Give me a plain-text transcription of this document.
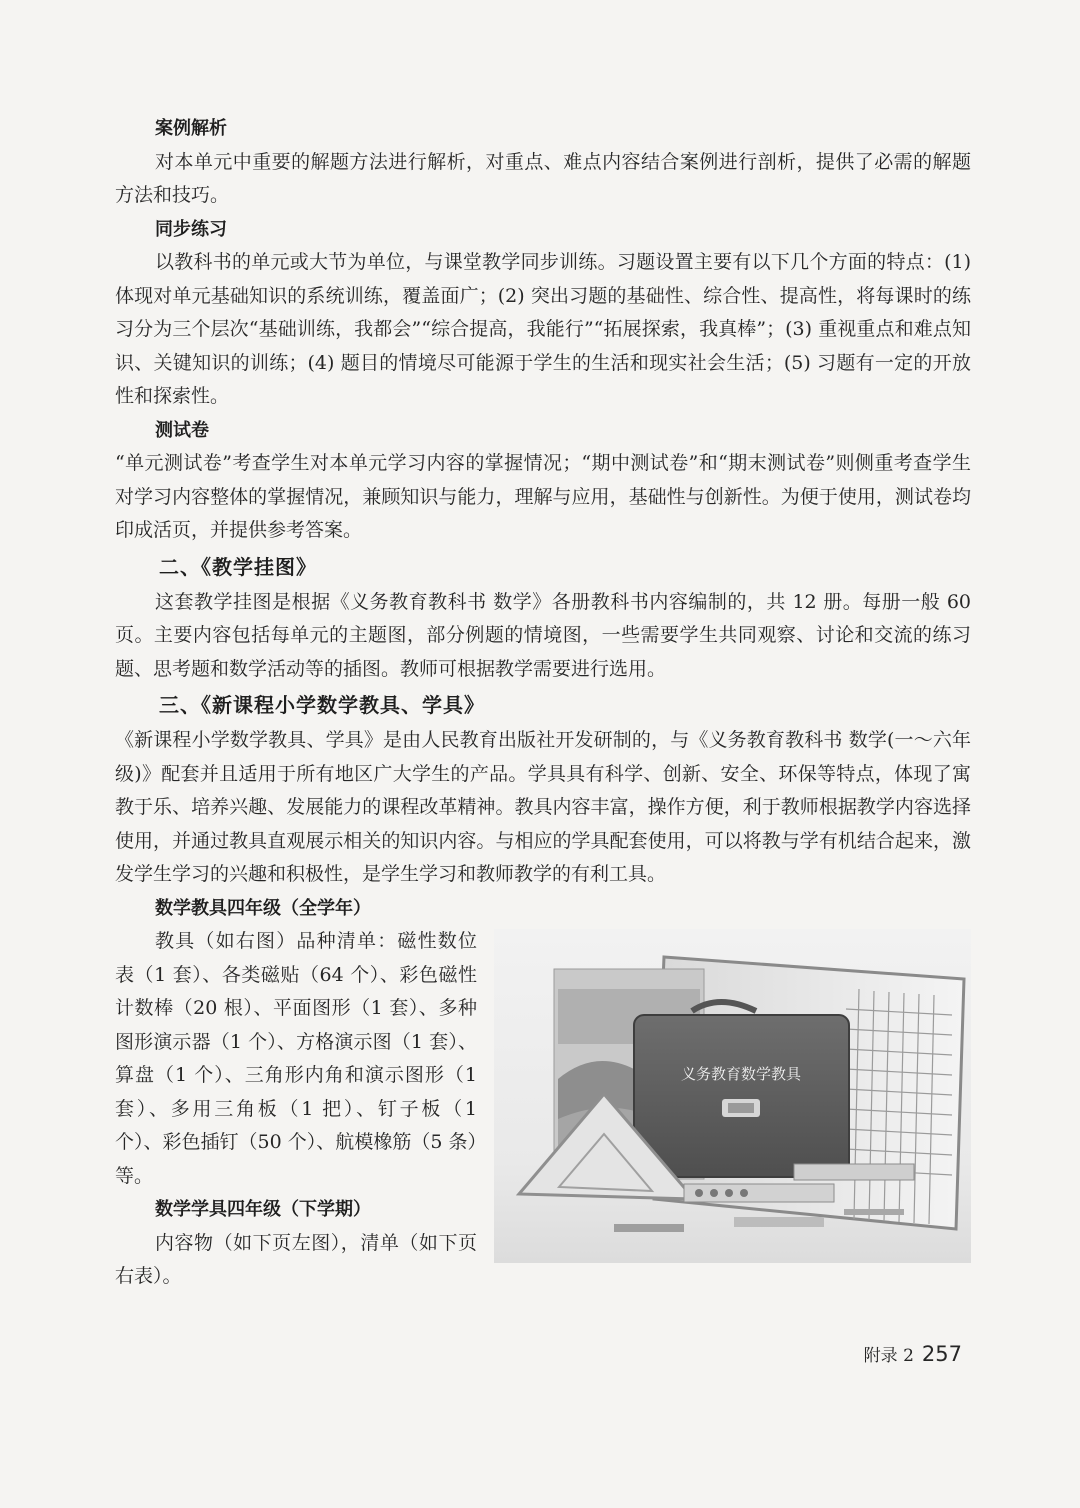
案例解析

对本单元中重要的解题方法进行解析，对重点、难点内容结合案例进行剖析，提供了必需的解题方法和技巧。

同步练习

以教科书的单元或大节为单位，与课堂教学同步训练。习题设置主要有以下几个方面的特点：(1) 体现对单元基础知识的系统训练，覆盖面广；(2) 突出习题的基础性、综合性、提高性，将每课时的练习分为三个层次“基础训练，我都会”“综合提高，我能行”“拓展探索，我真棒”；(3) 重视重点和难点知识、关键知识的训练；(4) 题目的情境尽可能源于学生的生活和现实社会生活；(5) 习题有一定的开放性和探索性。

测试卷

“单元测试卷”考查学生对本单元学习内容的掌握情况；“期中测试卷”和“期末测试卷”则侧重考查学生对学习内容整体的掌握情况，兼顾知识与能力，理解与应用，基础性与创新性。为便于使用，测试卷均印成活页，并提供参考答案。

二、《教学挂图》

这套教学挂图是根据《义务教育教科书 数学》各册教科书内容编制的，共 12 册。每册一般 60 页。主要内容包括每单元的主题图，部分例题的情境图，一些需要学生共同观察、讨论和交流的练习题、思考题和数学活动等的插图。教师可根据教学需要进行选用。

三、《新课程小学数学教具、学具》

《新课程小学数学教具、学具》是由人民教育出版社开发研制的，与《义务教育教科书 数学(一～六年级)》配套并且适用于所有地区广大学生的产品。学具具有科学、创新、安全、环保等特点，体现了寓教于乐、培养兴趣、发展能力的课程改革精神。教具内容丰富，操作方便，利于教师根据教学内容选择使用，并通过教具直观展示相关的知识内容。与相应的学具配套使用，可以将教与学有机结合起来，激发学生学习的兴趣和积极性，是学生学习和教师教学的有利工具。

数学教具四年级（全学年）

教具（如右图）品种清单：磁性数位表（1 套）、各类磁贴（64 个）、彩色磁性计数棒（20 根）、平面图形（1 套）、多种图形演示器（1 个）、方格演示图（1 套）、算盘（1 个）、三角形内角和演示图形（1 套）、多用三角板（1 把）、钉子板（1 个）、彩色插钉（50 个）、航模橡筋（5 条）等。

数学学具四年级（下学期）

内容物（如下页左图），清单（如下页右表）。

义务教育数学教具
附录 2 257
